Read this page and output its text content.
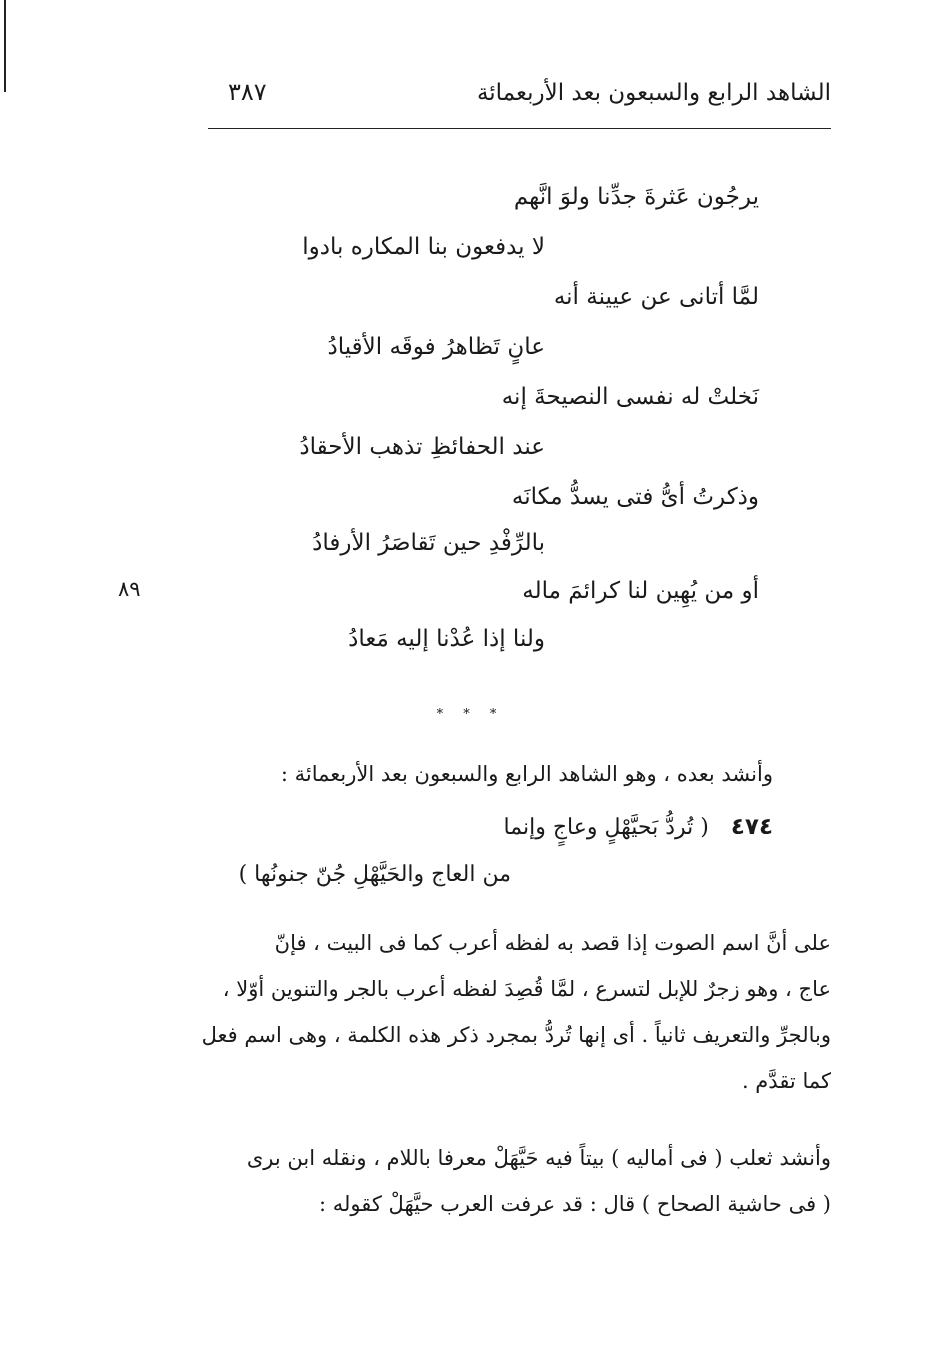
الشاهد الرابع والسبعون بعد الأربعمائة
٣٨٧
يرجُون عَثرةَ جدِّنا ولوَ انَّهم
لا يدفعون بنا المكاره بادوا
لمَّا أتانى عن عيينة أنه
عانٍ تَظاهرُ فوقَه الأقيادُ
نَخلتْ له نفسى النصيحةَ إنه
عند الحفائظِ تذهب الأحقادُ
وذكرتُ أىُّ فتى يسدُّ مكانَه
بالرِّفْدِ حين تَقاصَرُ الأرفادُ
أو من يُهِين لنا كرائمَ ماله
ولنا إذا عُدْنا إليه مَعادُ
٨٩
* * *
وأنشد بعده ، وهو الشاهد الرابع والسبعون بعد الأربعمائة :
٤٧٤( تُردُّ بَحيَّهْلٍ وعاجٍ وإنما
من العاج والحَيَّهْلِ جُنّ جنونُها )
على أنَّ اسم الصوت إذا قصد به لفظه أعرب كما فى البيت ، فإنّ
عاج ، وهو زجرٌ للإبل لتسرع ، لمَّا قُصِدَ لفظه أعرب بالجر والتنوين أوّلا ،
وبالجرِّ والتعريف ثانياً . أى إنها تُردُّ بمجرد ذكر هذه الكلمة ، وهى اسم فعل
كما تقدَّم .
وأنشد ثعلب ( فى أماليه ) بيتاً فيه حَيَّهَلْ معرفا باللام ، ونقله ابن برى
( فى حاشية الصحاح ) قال : قد عرفت العرب حيَّهَلْ كقوله :
